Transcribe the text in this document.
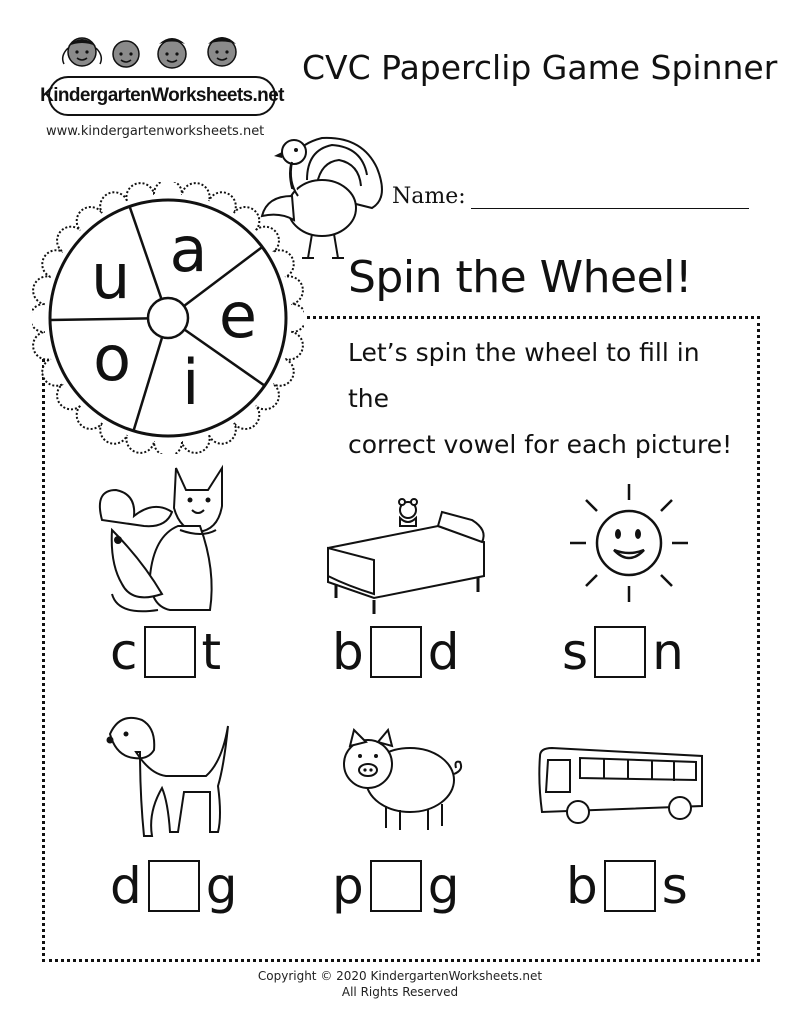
KindergartenWorksheets.net
www.kindergartenworksheets.net
CVC Paperclip Game Spinner
Name:
a
e
i
o
u	Spin the Wheel!
Let’s spin the wheel to fill in the
correct vowel for each picture!
c t b d s n
d g p g b s
Copyright © 2020 KindergartenWorksheets.net
All Rights Reserved
